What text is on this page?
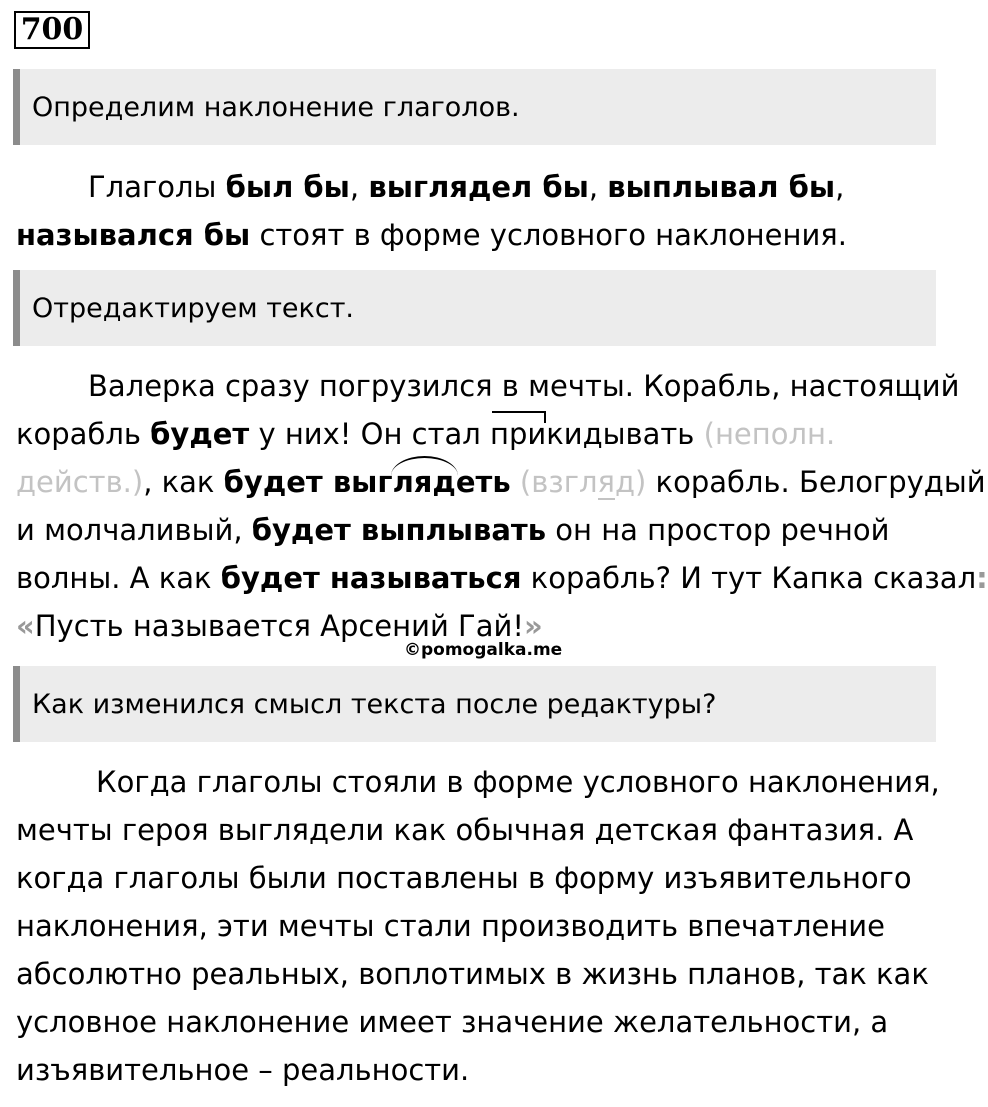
700
Определим наклонение глаголов.
Глаголы был бы, выглядел бы, выплывал бы,
назывался бы стоят в форме условного наклонения.
Отредактируем текст.
Валерка сразу погрузился в мечты. Корабль, настоящий
корабль будет у них! Он стал прикидывать (неполн.
действ.), как будет выглядеть (взгляд) корабль. Белогрудый
и молчаливый, будет выплывать он на простор речной
волны. А как будет называться корабль? И тут Капка сказал:
«Пусть называется Арсений Гай!»
©pomogalka.me
Как изменился смысл текста после редактуры?
Когда глаголы стояли в форме условного наклонения,
мечты героя выглядели как обычная детская фантазия. А
когда глаголы были поставлены в форму изъявительного
наклонения, эти мечты стали производить впечатление
абсолютно реальных, воплотимых в жизнь планов, так как
условное наклонение имеет значение желательности, а
изъявительное – реальности.
